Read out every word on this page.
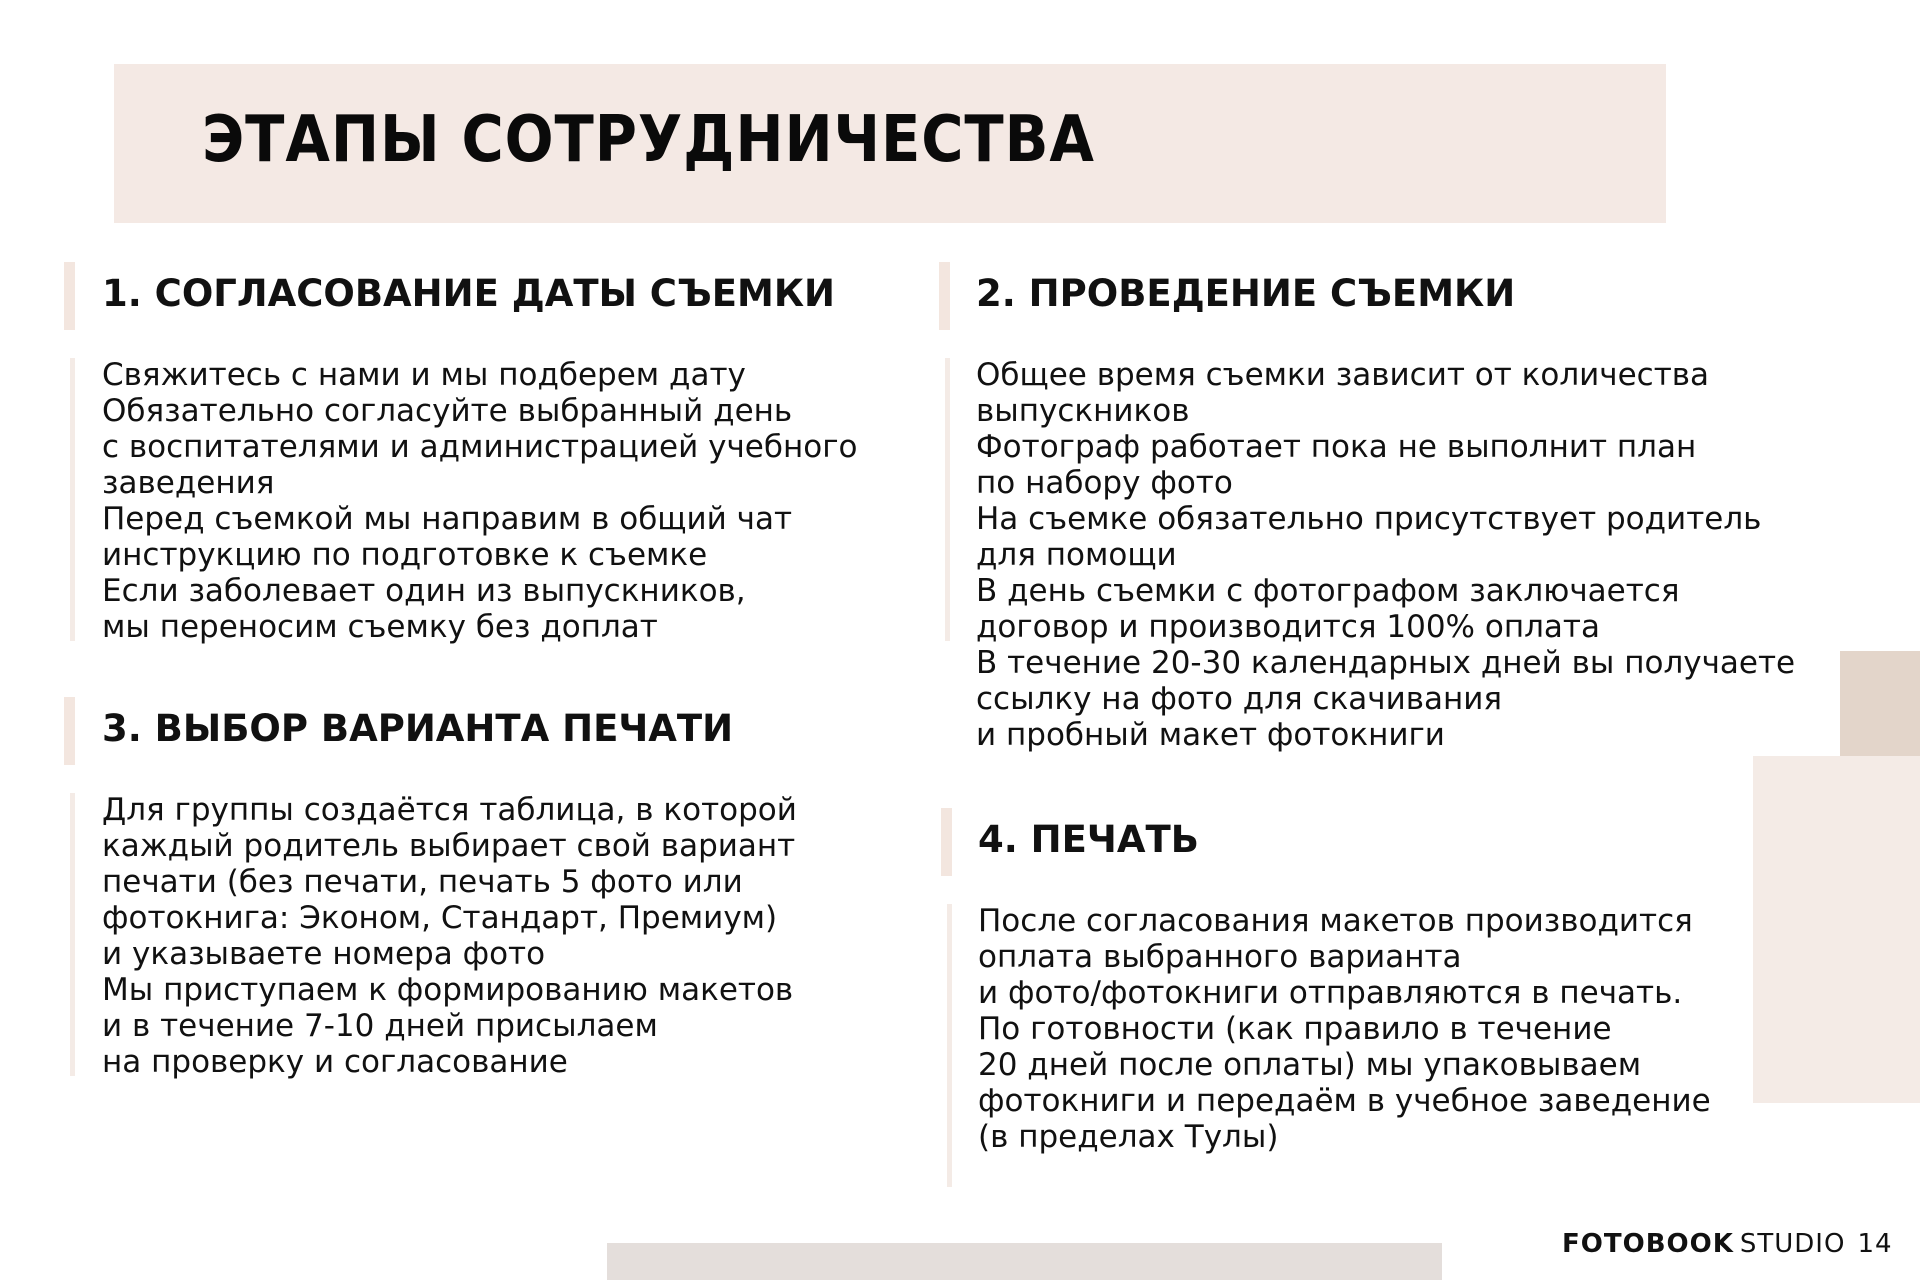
ЭТАПЫ СОТРУДНИЧЕСТВА
1. СОГЛАСОВАНИЕ ДАТЫ СЪЕМКИ
Свяжитесь с нами и мы подберем дату
Обязательно согласуйте выбранный день
с воспитателями и администрацией учебного
заведения
Перед съемкой мы направим в общий чат
инструкцию по подготовке к съемке
Если заболевает один из выпускников,
мы переносим съемку без доплат
2. ПРОВЕДЕНИЕ СЪЕМКИ
Общее время съемки зависит от количества
выпускников
Фотограф работает пока не выполнит план
по набору фото
На съемке обязательно присутствует родитель
для помощи
В день съемки с фотографом заключается
договор и производится 100% оплата
В течение 20-30 календарных дней вы получаете
ссылку на фото для скачивания
и пробный макет фотокниги
3. ВЫБОР ВАРИАНТА ПЕЧАТИ
Для группы создаётся таблица, в которой
каждый родитель выбирает свой вариант
печати (без печати, печать 5 фото или
фотокнига: Эконом, Стандарт, Премиум)
и указываете номера фото
Мы приступаем к формированию макетов
и в течение 7-10 дней присылаем
на проверку и согласование
4. ПЕЧАТЬ
После согласования макетов производится
оплата выбранного варианта
и фото/фотокниги отправляются в печать.
По готовности (как правило в течение
20 дней после оплаты) мы упаковываем
фотокниги и передаём в учебное заведение
(в пределах Тулы)
FOTOBOOK STUDIO 14
